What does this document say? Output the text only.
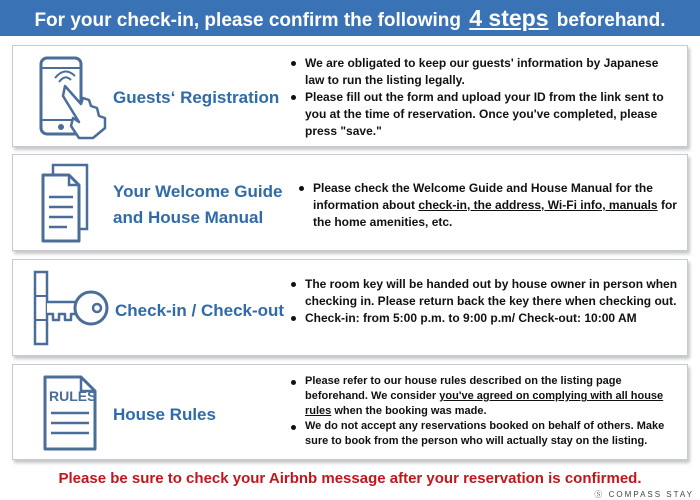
For your check-in, please confirm the following 4 steps beforehand.
Guests‘ Registration
We are obligated to keep our guests' information by Japanese law to run the listing legally.
Please fill out the form and upload your ID from the link sent to you at the time of reservation. Once you've completed, please press "save."
Your Welcome Guide
and House Manual
Please check the Welcome Guide and House Manual for the information about check-in, the address, Wi-Fi info, manuals for the home amenities, etc.
Check-in / Check-out
The room key will be handed out by house owner in person when checking in. Please return back the key there when checking out.
Check-in: from 5:00 p.m. to 9:00 p.m/ Check-out: 10:00 AM
RULES
House Rules
Please refer to our house rules described on the listing page beforehand. We consider you've agreed on complying with all house rules when the booking was made.
We do not accept any reservations booked on behalf of others. Make sure to book from the person who will actually stay on the listing.
Please be sure to check your Airbnb message after your reservation is confirmed.
Ⓢ COMPASS STAY
